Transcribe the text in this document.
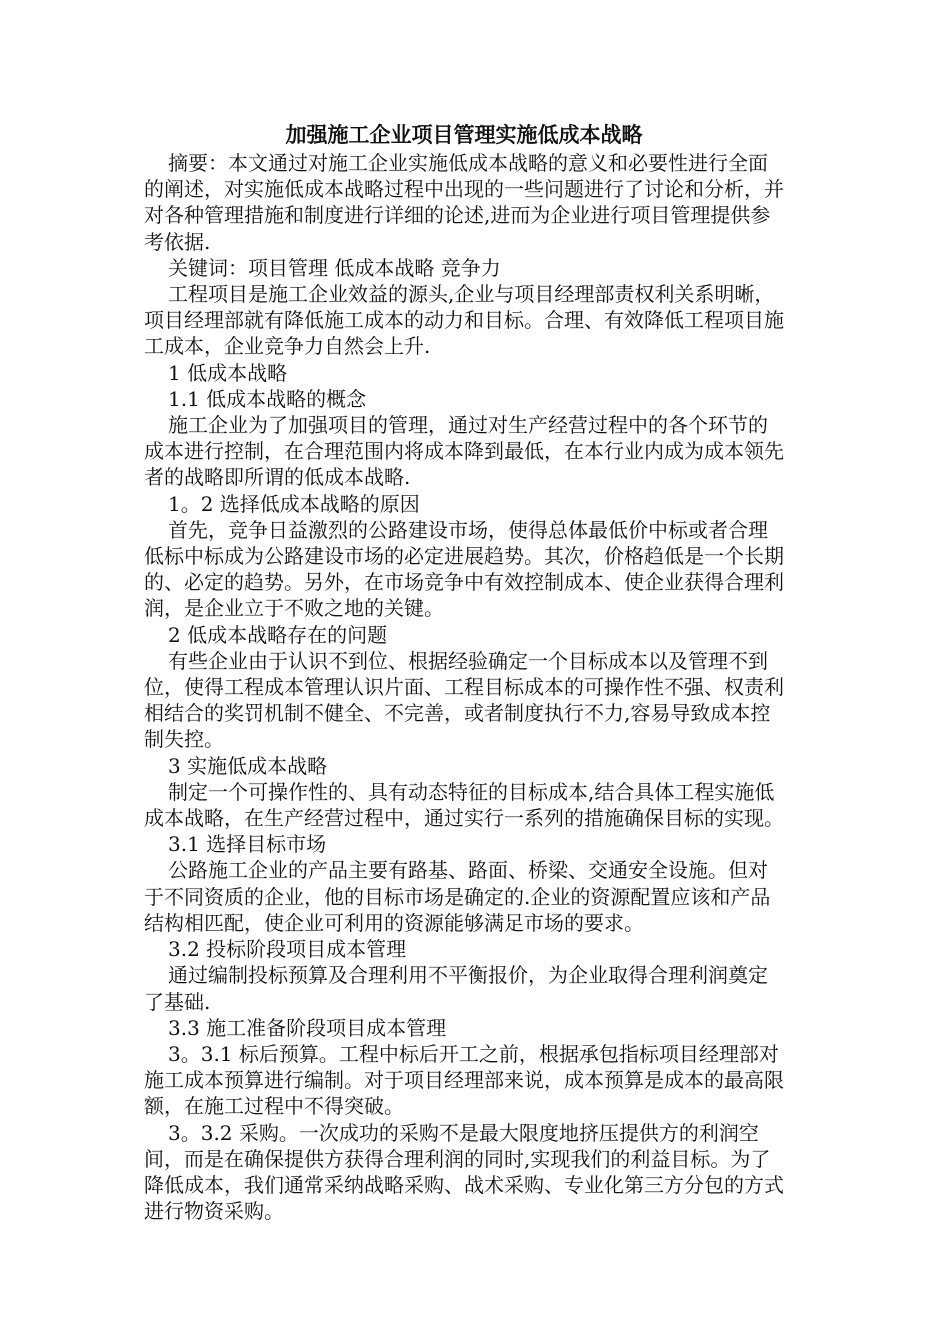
加强施工企业项目管理实施低成本战略

摘要：本文通过对施工企业实施低成本战略的意义和必要性进行全面的阐述，对实施低成本战略过程中出现的一些问题进行了讨论和分析，并对各种管理措施和制度进行详细的论述,进而为企业进行项目管理提供参考依据.

关键词：项目管理 低成本战略 竞争力

工程项目是施工企业效益的源头,企业与项目经理部责权利关系明晰，项目经理部就有降低施工成本的动力和目标。合理、有效降低工程项目施工成本，企业竞争力自然会上升.

1 低成本战略

1.1 低成本战略的概念

施工企业为了加强项目的管理，通过对生产经营过程中的各个环节的成本进行控制，在合理范围内将成本降到最低，在本行业内成为成本领先者的战略即所谓的低成本战略.

1。2 选择低成本战略的原因

首先，竞争日益激烈的公路建设市场，使得总体最低价中标或者合理低标中标成为公路建设市场的必定进展趋势。其次，价格趋低是一个长期的、必定的趋势。另外，在市场竞争中有效控制成本、使企业获得合理利润，是企业立于不败之地的关键。

2 低成本战略存在的问题

有些企业由于认识不到位、根据经验确定一个目标成本以及管理不到位，使得工程成本管理认识片面、工程目标成本的可操作性不强、权责利相结合的奖罚机制不健全、不完善，或者制度执行不力,容易导致成本控制失控。

3 实施低成本战略

制定一个可操作性的、具有动态特征的目标成本,结合具体工程实施低成本战略，在生产经营过程中，通过实行一系列的措施确保目标的实现。

3.1 选择目标市场

公路施工企业的产品主要有路基、路面、桥梁、交通安全设施。但对于不同资质的企业，他的目标市场是确定的.企业的资源配置应该和产品结构相匹配，使企业可利用的资源能够满足市场的要求。

3.2 投标阶段项目成本管理

通过编制投标预算及合理利用不平衡报价，为企业取得合理利润奠定了基础.

3.3 施工准备阶段项目成本管理

3。3.1 标后预算。工程中标后开工之前，根据承包指标项目经理部对施工成本预算进行编制。对于项目经理部来说，成本预算是成本的最高限额，在施工过程中不得突破。

3。3.2 采购。一次成功的采购不是最大限度地挤压提供方的利润空间，而是在确保提供方获得合理利润的同时,实现我们的利益目标。为了降低成本，我们通常采纳战略采购、战术采购、专业化第三方分包的方式进行物资采购。
